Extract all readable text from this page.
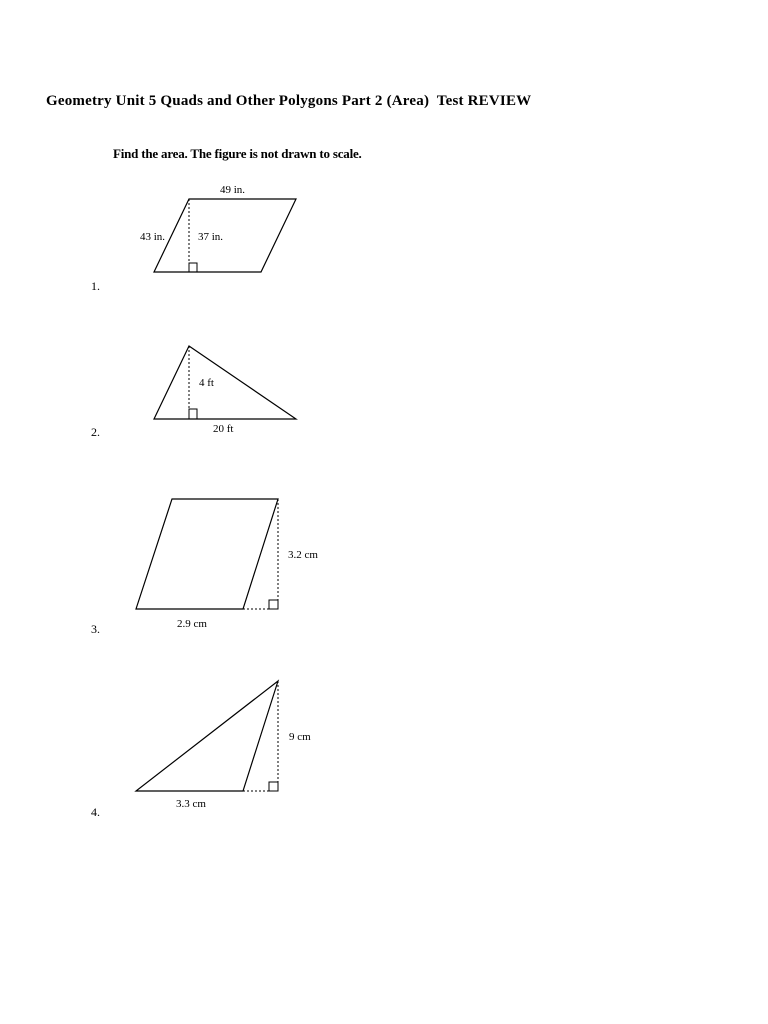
Geometry Unit 5 Quads and Other Polygons Part 2 (Area)  Test REVIEW
Find the area. The figure is not drawn to scale.
1.
2.
3.
4.
49 in.
43 in.	37 in.
4 ft
20 ft
3.2 cm
2.9 cm
9 cm
3.3 cm
